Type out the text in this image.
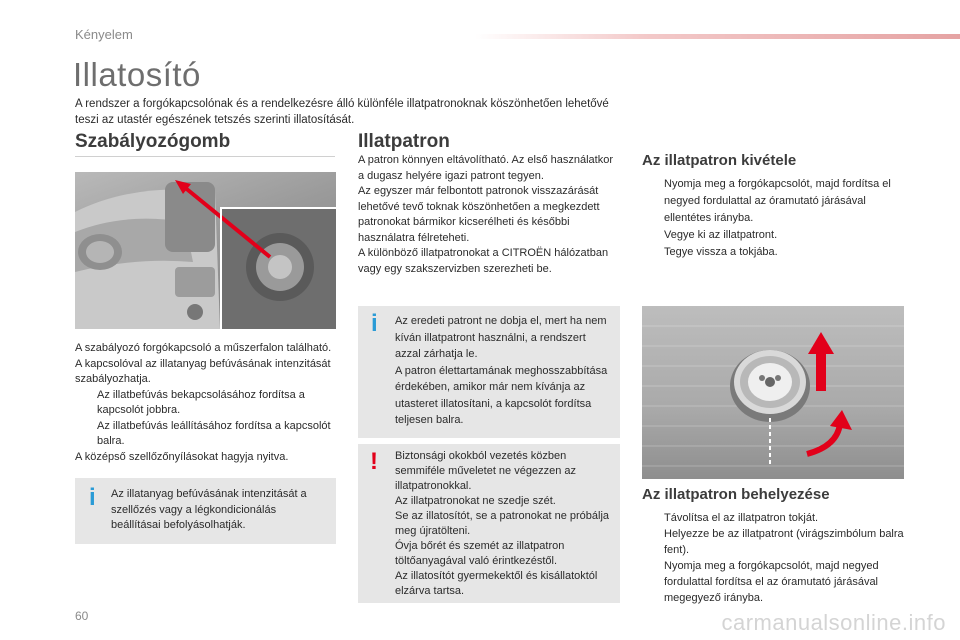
Kényelem
Illatosító
A rendszer a forgókapcsolónak és a rendelkezésre álló különféle illatpatronoknak köszönhetően lehetővé teszi az utastér egészének tetszés szerinti illatosítását.
Szabályozógomb

A szabályozó forgókapcsoló a műszerfalon található.

A kapcsolóval az illatanyag befúvásának intenzitását szabályozhatja.

Az illatbefúvás bekapcsolásához fordítsa a kapcsolót jobbra.
Az illatbefúvás leállításához fordítsa a kapcsolót balra.

A középső szellőzőnyílásokat hagyja nyitva.

i Az illatanyag befúvásának intenzitását a szellőzés vagy a légkondicionálás beállításai befolyásolhatják.
Illatpatron

A patron könnyen eltávolítható. Az első használatkor a dugasz helyére igazi patront tegyen.

Az egyszer már felbontott patronok visszazárását lehetővé tevő toknak köszönhetően a megkezdett patronokat bármikor kicserélheti és későbbi használatra félreteheti.

A különböző illatpatronokat a CITROËN hálózatban vagy egy szakszervizben szerezheti be.

i Az eredeti patront ne dobja el, mert ha nem kíván illatpatront használni, a rendszert azzal zárhatja le.

A patron élettartamának meghosszabbítása érdekében, amikor már nem kívánja az utasteret illatosítani, a kapcsolót fordítsa teljesen balra.

! Biztonsági okokból vezetés közben semmiféle műveletet ne végezzen az illatpatronokkal.

Az illatpatronokat ne szedje szét.

Se az illatosítót, se a patronokat ne próbálja meg újratölteni.

Óvja bőrét és szemét az illatpatron töltőanyagával való érintkezéstől.

Az illatosítót gyermekektől és kisállatoktól elzárva tartsa.

Az illatpatron kivétele
Nyomja meg a forgókapcsolót, majd fordítsa el negyed fordulattal az óramutató járásával ellentétes irányba.
Vegye ki az illatpatront.
Tegye vissza a tokjába.
Az illatpatron behelyezése
Távolítsa el az illatpatron tokját.
Helyezze be az illatpatront (virágszimbólum balra fent).
Nyomja meg a forgókapcsolót, majd negyed fordulattal fordítsa el az óramutató járásával megegyező irányba.
60	carmanualsonline.info
